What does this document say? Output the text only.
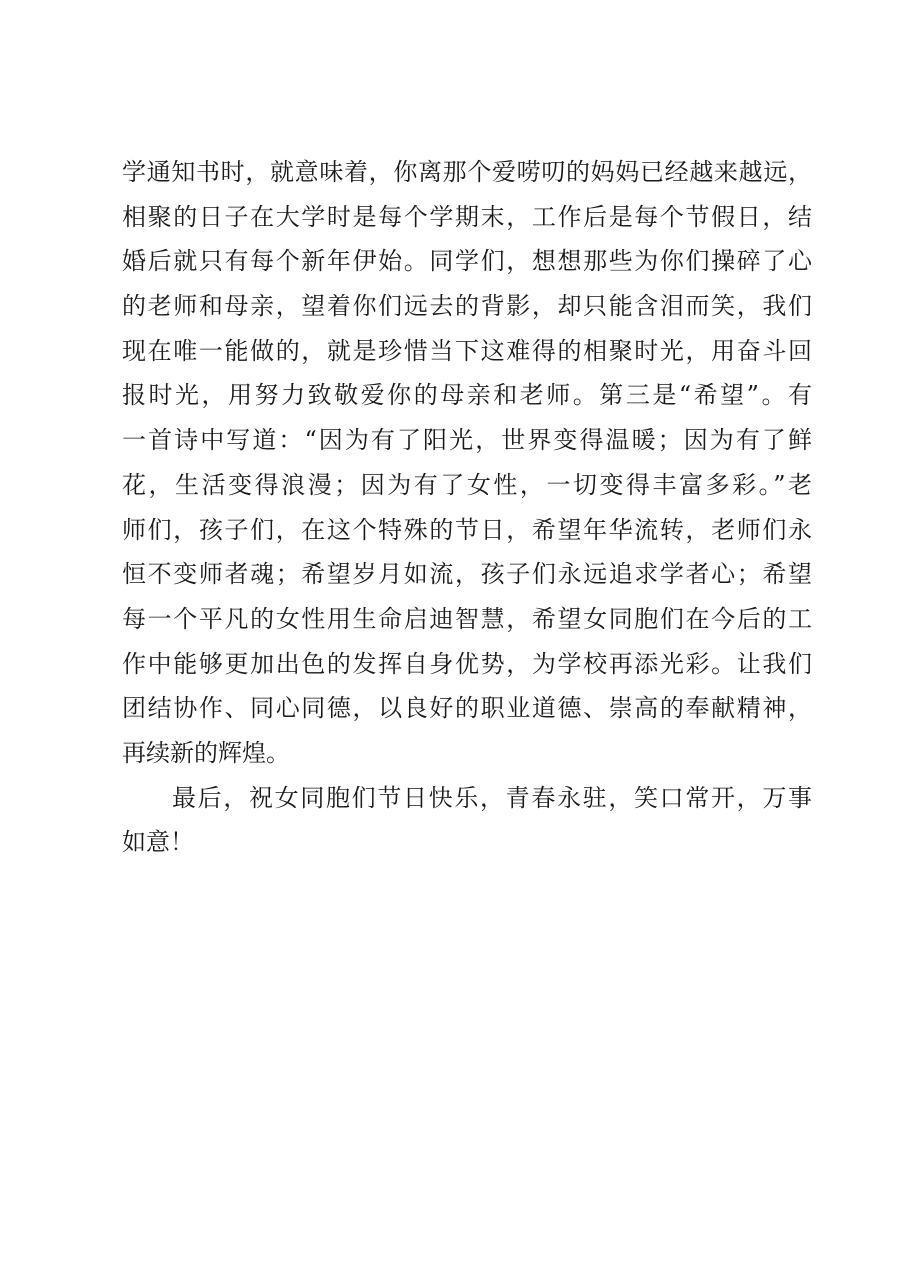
学通知书时，就意味着，你离那个爱唠叨的妈妈已经越来越远，
相聚的日子在大学时是每个学期末，工作后是每个节假日，结
婚后就只有每个新年伊始。同学们，想想那些为你们操碎了心
的老师和母亲，望着你们远去的背影，却只能含泪而笑，我们
现在唯一能做的，就是珍惜当下这难得的相聚时光，用奋斗回
报时光，用努力致敬爱你的母亲和老师。第三是“希望”。有
一首诗中写道：“因为有了阳光，世界变得温暖；因为有了鲜
花，生活变得浪漫；因为有了女性，一切变得丰富多彩。”老
师们，孩子们，在这个特殊的节日，希望年华流转，老师们永
恒不变师者魂；希望岁月如流，孩子们永远追求学者心；希望
每一个平凡的女性用生命启迪智慧，希望女同胞们在今后的工
作中能够更加出色的发挥自身优势，为学校再添光彩。让我们
团结协作、同心同德，以良好的职业道德、崇高的奉献精神，
再续新的辉煌。
最后，祝女同胞们节日快乐，青春永驻，笑口常开，万事
如意！
